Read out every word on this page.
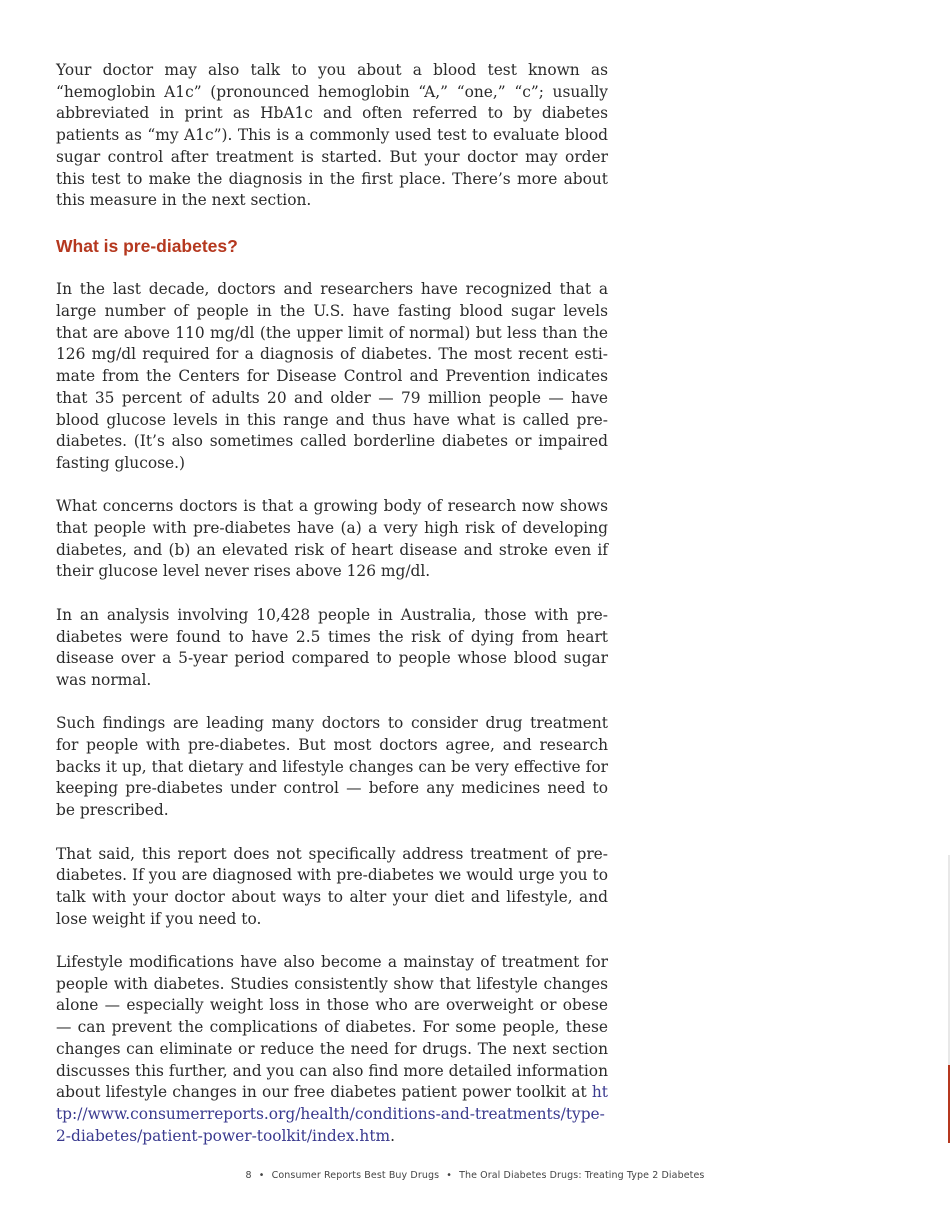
Your doctor may also talk to you about a blood test known as “hemoglobin A1c” (pronounced hemoglobin “A,” “one,” “c”; usually abbreviated in print as HbA1c and often referred to by diabetes patients as “my A1c”). This is a commonly used test to evaluate blood sugar control after treatment is started. But your doctor may order this test to make the diagnosis in the first place. There’s more about this measure in the next section.

What is pre-diabetes?

In the last decade, doctors and researchers have recognized that a large number of people in the U.S. have fasting blood sugar levels that are above 110 mg/dl (the upper limit of normal) but less than the 126 mg/dl required for a diagnosis of diabetes. The most recent estimate from the Centers for Disease Control and Prevention indicates that 35 percent of adults 20 and older — 79 million people — have blood glucose levels in this range and thus have what is called pre-diabetes. (It’s also sometimes called borderline diabetes or impaired fasting glucose.)

What concerns doctors is that a growing body of research now shows that people with pre-diabetes have (a) a very high risk of developing diabetes, and (b) an elevated risk of heart disease and stroke even if their glucose level never rises above 126 mg/dl.

In an analysis involving 10,428 people in Australia, those with pre-diabetes were found to have 2.5 times the risk of dying from heart disease over a 5-year period compared to people whose blood sugar was normal.

Such findings are leading many doctors to consider drug treatment for people with pre-diabetes. But most doctors agree, and research backs it up, that dietary and lifestyle changes can be very effective for keeping pre-diabetes under control — before any medicines need to be prescribed.

That said, this report does not specifically address treatment of pre-diabetes. If you are diagnosed with pre-diabetes we would urge you to talk with your doctor about ways to alter your diet and lifestyle, and lose weight if you need to.

Lifestyle modifications have also become a mainstay of treatment for people with diabetes. Studies consistently show that lifestyle changes alone — especially weight loss in those who are overweight or obese — can prevent the complications of diabetes. For some people, these changes can eliminate or reduce the need for drugs. The next section discusses this further, and you can also find more detailed information about lifestyle changes in our free diabetes patient power toolkit at http://www.consumerreports.org/health/conditions-and-treatments/type-2-diabetes/patient-power-toolkit/index.htm.

8 • Consumer Reports Best Buy Drugs • The Oral Diabetes Drugs: Treating Type 2 Diabetes
